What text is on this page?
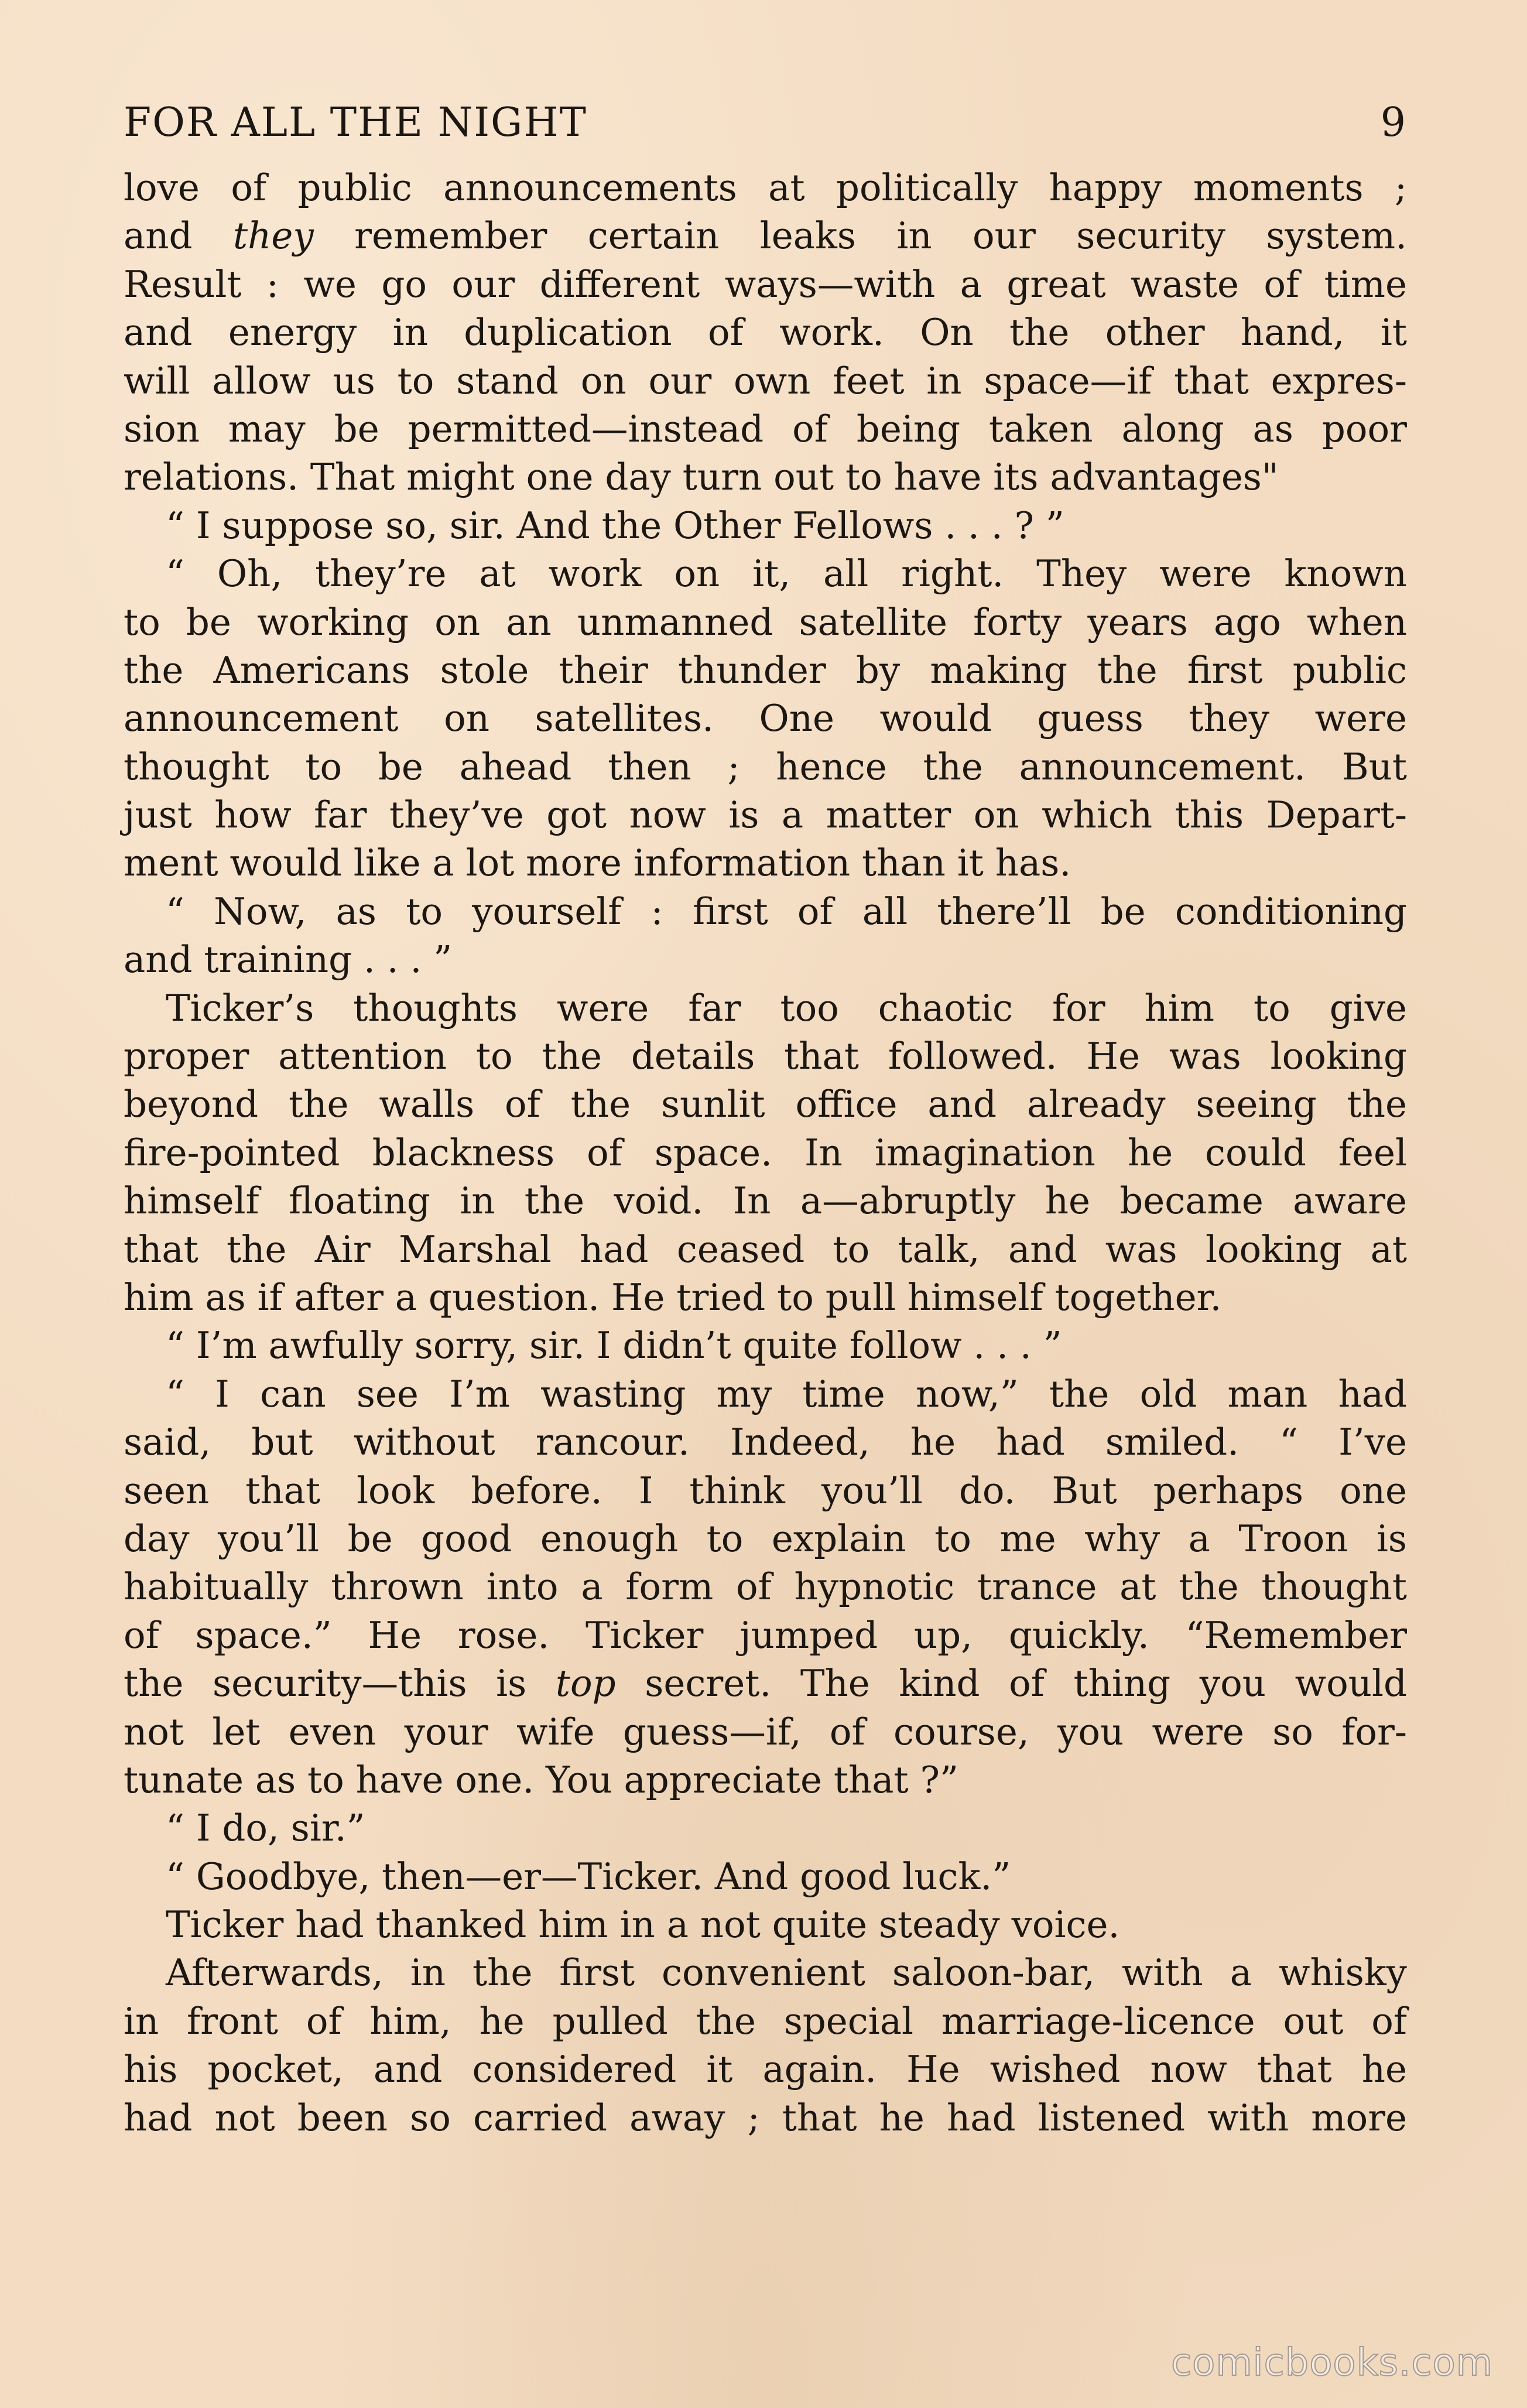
FOR ALL THE NIGHT	9
love of public announcements at politically happy moments ;
and they remember certain leaks in our security system.
Result : we go our different ways—with a great waste of time
and energy in duplication of work. On the other hand, it
will allow us to stand on our own feet in space—if that expres-
sion may be permitted—instead of being taken along as poor
relations. That might one day turn out to have its advantages"
“ I suppose so, sir. And the Other Fellows . . . ? ”
“ Oh, they’re at work on it, all right. They were known
to be working on an unmanned satellite forty years ago when
the Americans stole their thunder by making the first public
announcement on satellites. One would guess they were
thought to be ahead then ; hence the announcement. But
just how far they’ve got now is a matter on which this Depart-
ment would like a lot more information than it has.
“ Now, as to yourself : first of all there’ll be conditioning
and training . . . ”
Ticker’s thoughts were far too chaotic for him to give
proper attention to the details that followed. He was looking
beyond the walls of the sunlit office and already seeing the
fire-pointed blackness of space. In imagination he could feel
himself floating in the void. In a—abruptly he became aware
that the Air Marshal had ceased to talk, and was looking at
him as if after a question. He tried to pull himself together.
“ I’m awfully sorry, sir. I didn’t quite follow . . . ”
“ I can see I’m wasting my time now,” the old man had
said, but without rancour. Indeed, he had smiled. “ I’ve
seen that look before. I think you’ll do. But perhaps one
day you’ll be good enough to explain to me why a Troon is
habitually thrown into a form of hypnotic trance at the thought
of space.” He rose. Ticker jumped up, quickly. “Remember
the security—this is top secret. The kind of thing you would
not let even your wife guess—if, of course, you were so for-
tunate as to have one. You appreciate that ?”
“ I do, sir.”
“ Goodbye, then—er—Ticker. And good luck.”
Ticker had thanked him in a not quite steady voice.
Afterwards, in the first convenient saloon-bar, with a whisky
in front of him, he pulled the special marriage-licence out of
his pocket, and considered it again. He wished now that he
had not been so carried away ; that he had listened with more
comicbooks.com
